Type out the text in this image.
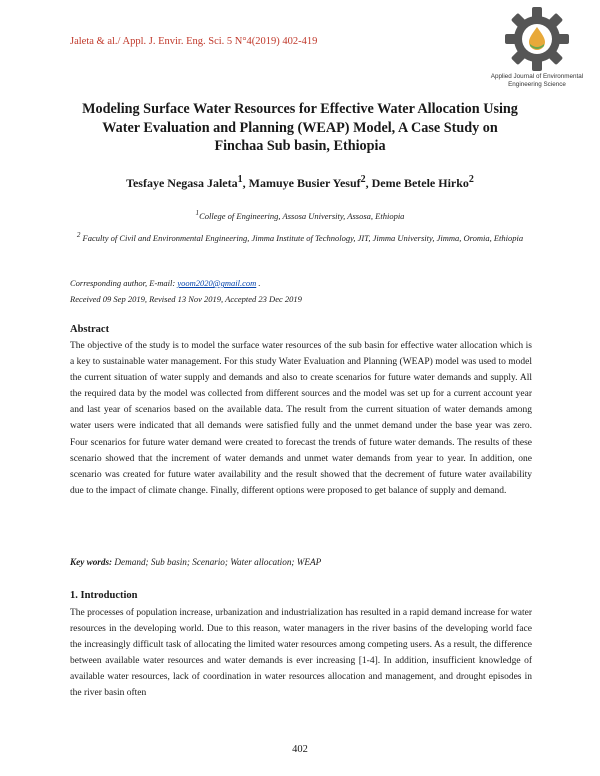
Jaleta & al./ Appl. J. Envir. Eng. Sci. 5 N°4(2019) 402-419
Applied Journal of Environmental
Engineering Science
Modeling Surface Water Resources for Effective Water Allocation Using
Water Evaluation and Planning (WEAP) Model, A Case Study on
Finchaa Sub basin, Ethiopia
Tesfaye Negasa Jaleta$^1$, Mamuye Busier Yesuf$^2$, Deme Betele Hirko$^2$
$^1$College of Engineering, Assosa University, Assosa, Ethiopia
$^2$ Faculty of Civil and Environmental Engineering, Jimma Institute of Technology, JIT, Jimma University, Jimma, Oromia, Ethiopia
Corresponding author, E-mail: yoom2020@gmail.com .
Received 09 Sep 2019, Revised 13 Nov 2019, Accepted 23 Dec 2019
Abstract
The objective of the study is to model the surface water resources of the sub basin for effective water allocation which is a key to sustainable water management. For this study Water Evaluation and Planning (WEAP) model was used to model the current situation of water supply and demands and also to create scenarios for future water demands and supply. All the required data by the model was collected from different sources and the model was set up for a current account year and last year of scenarios based on the available data. The result from the current situation of water demands among water users were indicated that all demands were satisfied fully and the unmet demand under the base year was zero. Four scenarios for future water demand were created to forecast the trends of future water demands. The results of these scenario showed that the increment of water demands and unmet water demands from year to year. In addition, one scenario was created for future water availability and the result showed that the decrement of future water availability due to the impact of climate change. Finally, different options were proposed to get balance of supply and demand.
Key words: Demand; Sub basin; Scenario; Water allocation; WEAP
1. Introduction
The processes of population increase, urbanization and industrialization has resulted in a rapid demand increase for water resources in the developing world. Due to this reason, water managers in the river basins of the developing world face the increasingly difficult task of allocating the limited water resources among competing users. As a result, the difference between available water resources and water demands is ever increasing [1-4]. In addition, insufficient knowledge of available water resources, lack of coordination in water resources allocation and management, and drought episodes in the river basin often
402
